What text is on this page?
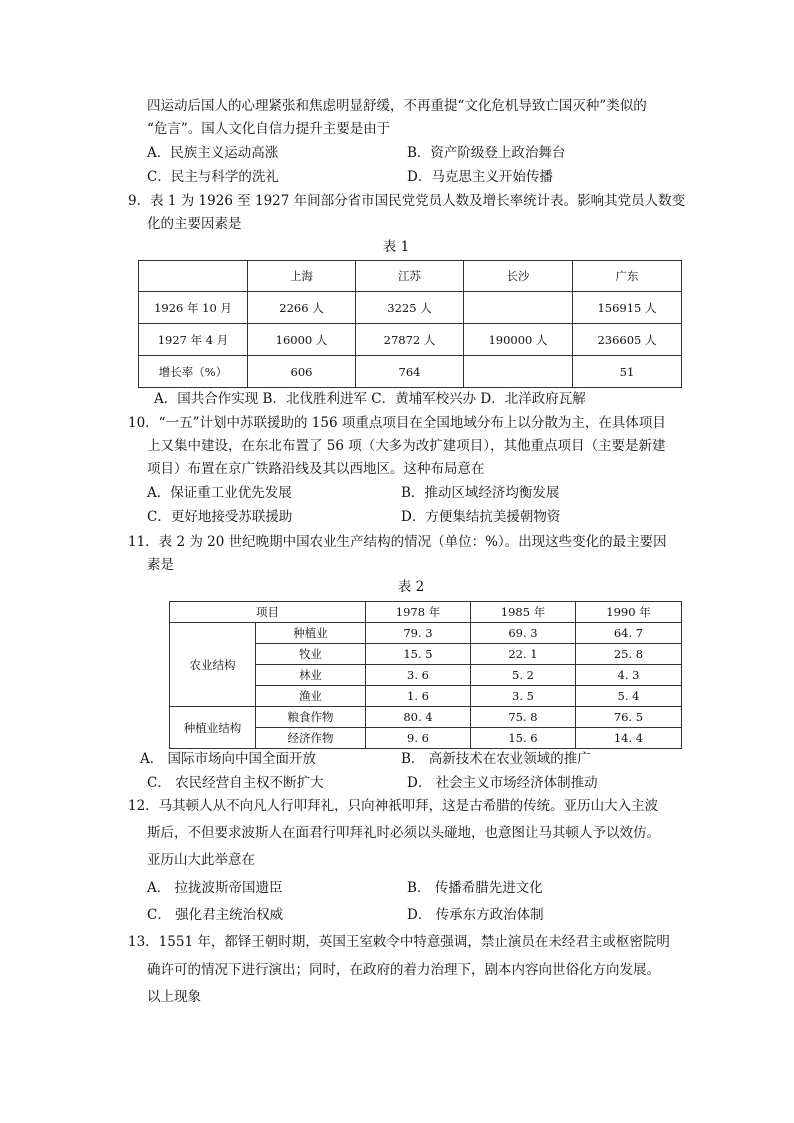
四运动后国人的心理紧张和焦虑明显舒缓，不再重提“文化危机导致亡国灭种”类似的
“危言”。国人文化自信力提升主要是由于
A．民族主义运动高涨	B．资产阶级登上政治舞台
C．民主与科学的洗礼	D．马克思主义开始传播
9．表 1 为 1926 至 1927 年间部分省市国民党党员人数及增长率统计表。影响其党员人数变
化的主要因素是
表 1
	上海	江苏	长沙	广东
1926 年 10 月	2266 人	3225 人		156915 人
1927 年 4 月	16000 人	27872 人	190000 人	236605 人
增长率（%）	606	764		51
A．国共合作实现 B．北伐胜利进军 C．黄埔军校兴办 D．北洋政府瓦解
10．“一五”计划中苏联援助的 156 项重点项目在全国地域分布上以分散为主，在具体项目
上又集中建设，在东北布置了 56 项（大多为改扩建项目），其他重点项目（主要是新建
项目）布置在京广铁路沿线及其以西地区。这种布局意在
A．保证重工业优先发展	B．推动区域经济均衡发展
C．更好地接受苏联援助	D．方便集结抗美援朝物资
11．表 2 为 20 世纪晚期中国农业生产结构的情况（单位：%）。出现这些变化的最主要因
素是
表 2
项目		1978 年	1985 年	1990 年
农业结构	种植业	79. 3	69. 3	64. 7
	牧业	15. 5	22. 1	25. 8
	林业	3. 6	5. 2	4. 3
	渔业	1. 6	3. 5	5. 4
种植业结构	粮食作物	80. 4	75. 8	76. 5
	经济作物	9. 6	15. 6	14. 4
A． 国际市场向中国全面开放	B． 高新技术在农业领域的推广
C． 农民经营自主权不断扩大	D． 社会主义市场经济体制推动
12．马其顿人从不向凡人行叩拜礼，只向神祇叩拜，这是古希腊的传统。亚历山大入主波
斯后，不但要求波斯人在面君行叩拜礼时必须以头碰地，也意图让马其顿人予以效仿。
亚历山大此举意在
A． 拉拢波斯帝国遗臣	B． 传播希腊先进文化
C． 强化君主统治权威	D． 传承东方政治体制
13．1551 年，都铎王朝时期，英国王室敕令中特意强调，禁止演员在未经君主或枢密院明
确许可的情况下进行演出；同时，在政府的着力治理下，剧本内容向世俗化方向发展。
以上现象
